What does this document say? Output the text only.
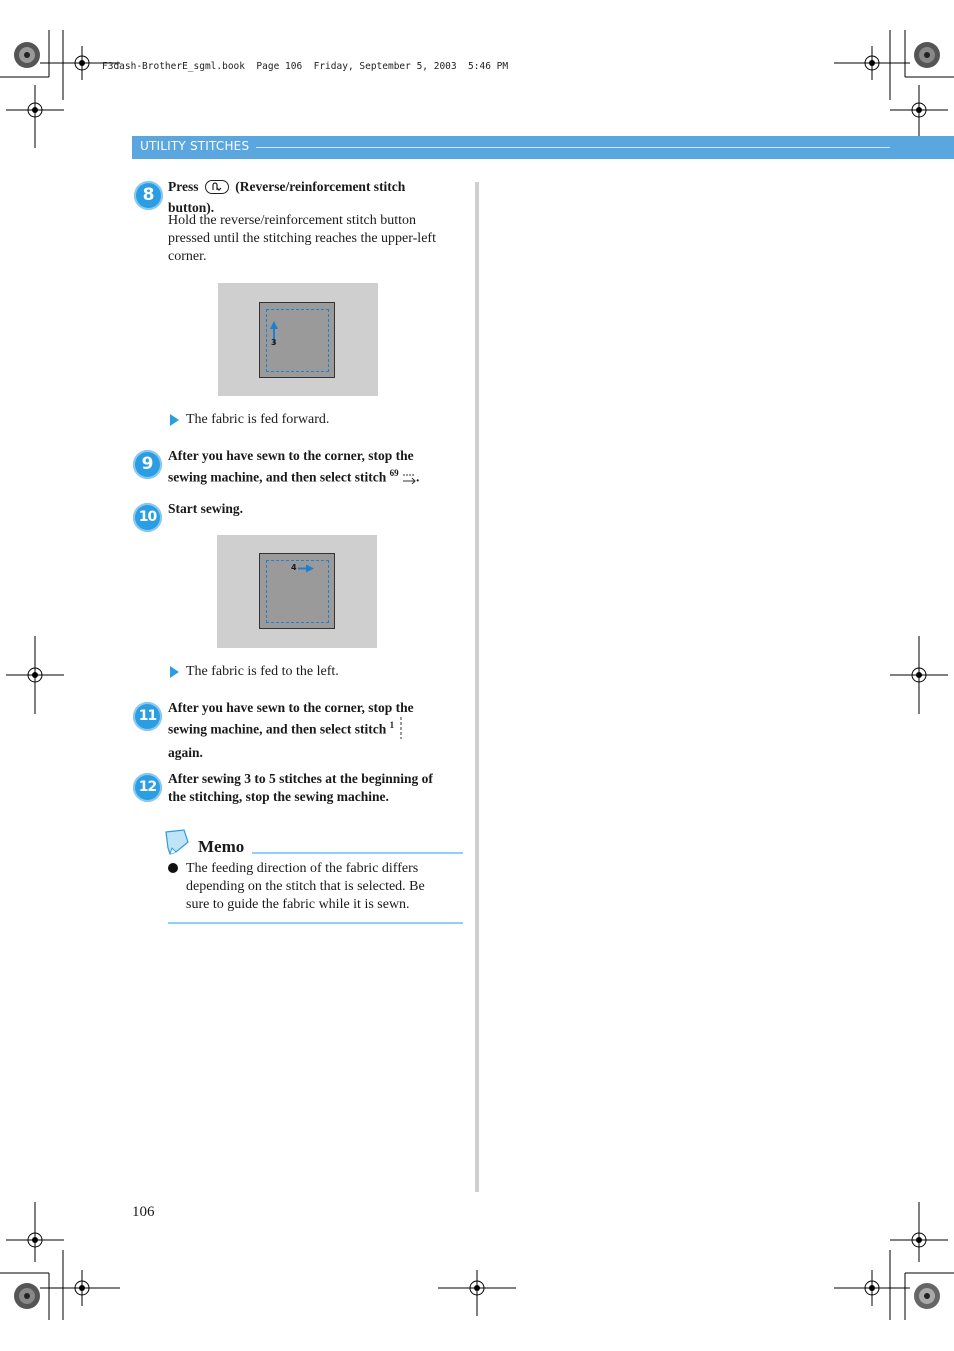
F3dash-BrotherE_sgml.book  Page 106  Friday, September 5, 2003  5:46 PM
UTILITY STITCHES
8	Press	(Reverse/reinforcement stitch
button).
Hold the reverse/reinforcement stitch button
pressed until the stitching reaches the upper-left
corner.
3
The fabric is fed forward.
9	After you have sewn to the corner, stop the
sewing machine, and then select stitch $^{69}$ .
10
Start sewing.
4
The fabric is fed to the left.
11
After you have sewn to the corner, stop the
sewing machine, and then select stitch $^1$
again.
12
After sewing 3 to 5 stitches at the beginning of
the stitching, stop the sewing machine.
Memo
The feeding direction of the fabric differs
depending on the stitch that is selected. Be
sure to guide the fabric while it is sewn.
106
